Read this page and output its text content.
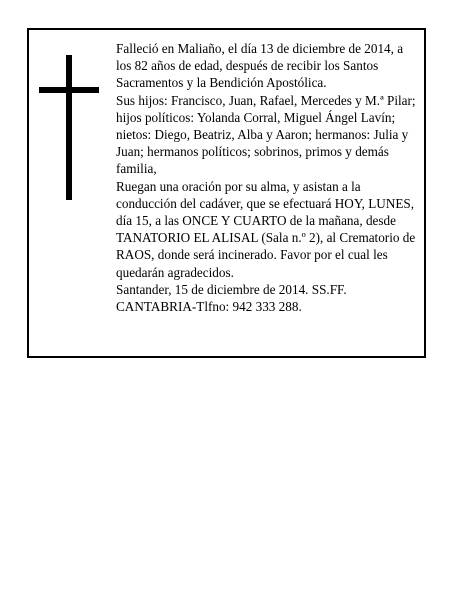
Falleció en Maliaño, el día 13 de diciembre de 2014, a los 82 años de edad, después de recibir los Santos Sacramentos y la Bendición Apostólica.

Sus hijos: Francisco, Juan, Rafael, Mercedes y M.ª Pilar; hijos políticos: Yolanda Corral, Miguel Ángel Lavín; nietos: Diego, Beatriz, Alba y Aaron; hermanos: Julia y Juan; hermanos políticos; sobrinos, primos y demás familia,

Ruegan una oración por su alma, y asistan a la conducción del cadáver, que se efectuará HOY, LUNES, día 15, a las ONCE Y CUARTO de la mañana, desde TANATORIO EL ALISAL (Sala n.º 2), al Crematorio de RAOS, donde será incinerado. Favor por el cual les quedarán agradecidos.

Santander, 15 de diciembre de 2014. SS.FF.

CANTABRIA-Tlfno: 942 333 288.
